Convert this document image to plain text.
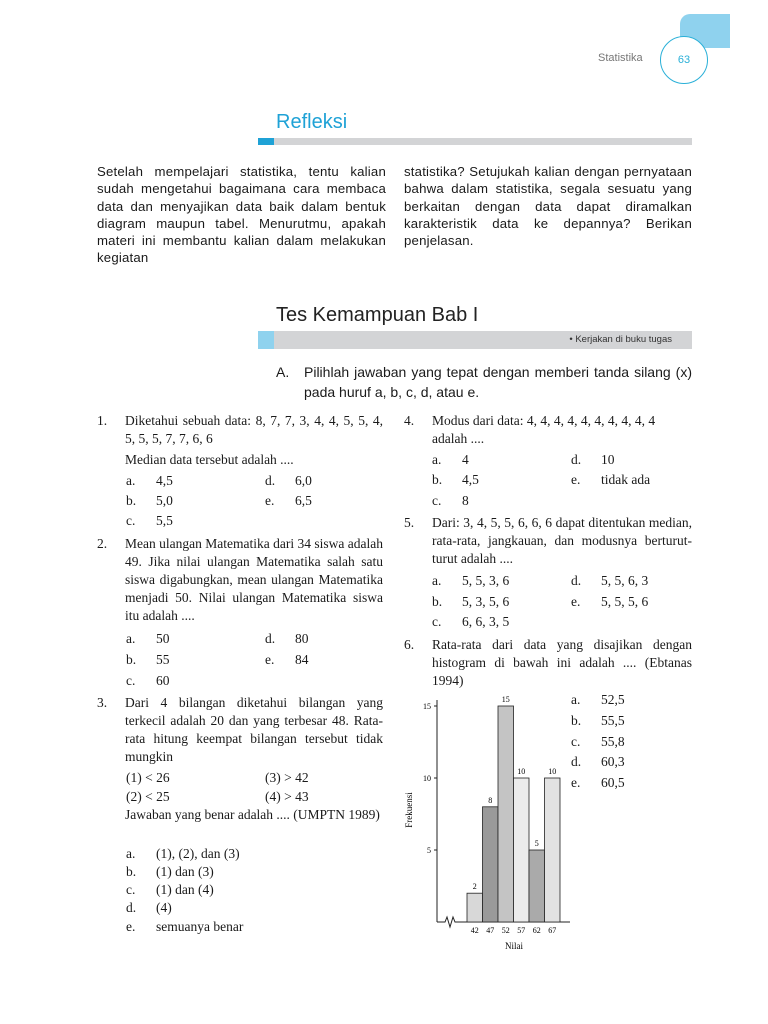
Statistika	63
Refleksi
Setelah mempelajari statistika, tentu kalian sudah mengetahui bagaimana cara membaca data dan menyajikan data baik dalam bentuk diagram maupun tabel. Menurutmu, apakah materi ini membantu kalian dalam melakukan kegiatan
statistika? Setujukah kalian dengan pernyataan bahwa dalam statistika, segala sesuatu yang berkaitan dengan data dapat diramalkan karakteristik data ke depannya? Berikan penjelasan.
Tes Kemampuan Bab I
• Kerjakan di buku tugas
A. Pilihlah jawaban yang tepat dengan memberi tanda silang (x) pada huruf a, b, c, d, atau e.
1.	Diketahui sebuah data: 8, 7, 7, 3, 4, 4, 5, 5, 4, 5, 5, 5, 7, 7, 6, 6
Median data tersebut adalah ....
a. 4,5	d. 6,0
b. 5,0	e. 6,5
c. 5,5
2.	Mean ulangan Matematika dari 34 siswa adalah 49. Jika nilai ulangan Matematika salah satu siswa digabungkan, mean ulangan Matematika menjadi 50. Nilai ulangan Matematika siswa itu adalah ....
a. 50	d. 80
b. 55	e. 84
c. 60
3.	Dari 4 bilangan diketahui bilangan yang terkecil adalah 20 dan yang terbesar 48. Rata-rata hitung keempat bilangan tersebut tidak mungkin
(1) < 26	(3) > 42
(2) < 25	(4) > 43
Jawaban yang benar adalah .... (UMPTN 1989)
a. (1), (2), dan (3)
b. (1) dan (3)
c. (1) dan (4)
d. (4)
e. semuanya benar
4.	Modus dari data: 4, 4, 4, 4, 4, 4, 4, 4, 4, 4 adalah ....
a. 4	d. 10
b. 4,5	e. tidak ada
c. 8
5.	Dari: 3, 4, 5, 5, 6, 6, 6 dapat ditentukan median, rata-rata, jangkauan, dan modusnya berturut-turut adalah ....
a. 5, 5, 3, 6	d. 5, 5, 6, 3
b. 5, 3, 5, 6	e. 5, 5, 5, 6
c. 6, 6, 3, 5
6.	Rata-rata dari data yang disajikan dengan histogram di bawah ini adalah .... (Ebtanas 1994)
a. 52,5
b. 55,5
c. 55,8
d. 60,3
e. 60,5
5
10
15
2
8
15
10
5
10
42 47 52 57 62 67
Frekuensi
Nilai
